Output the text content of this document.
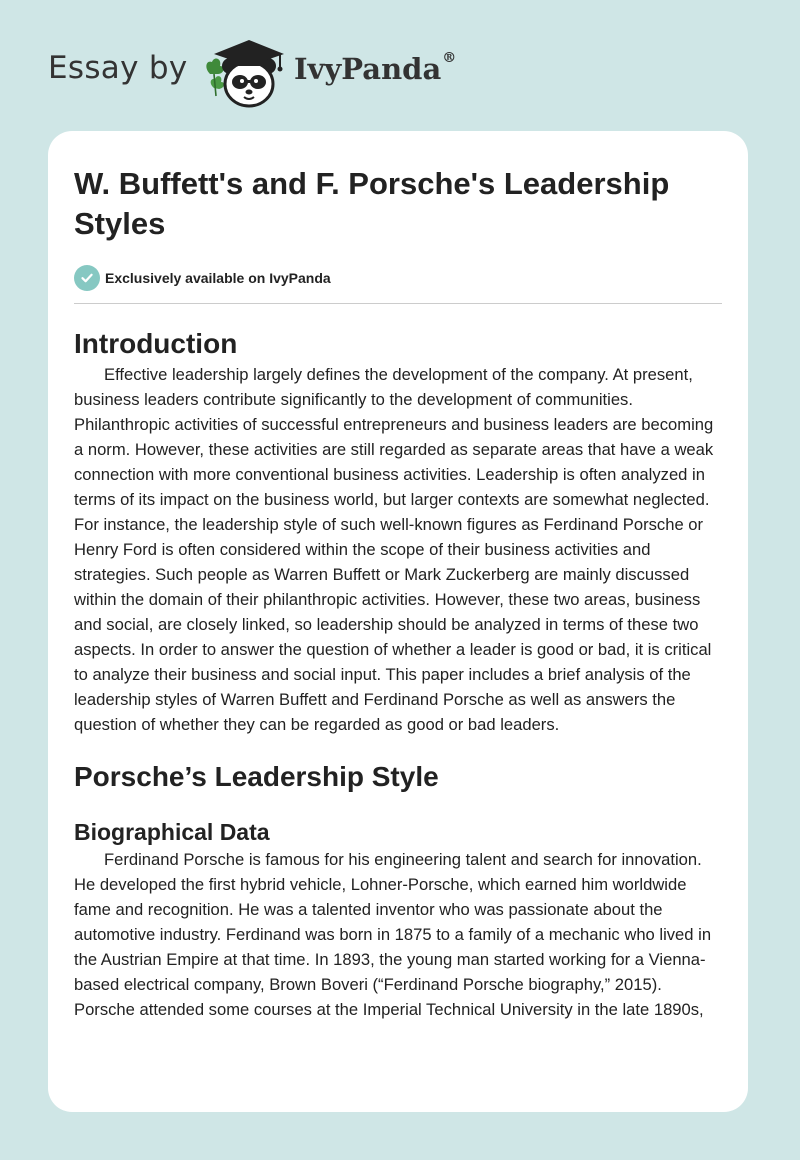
Essay by	IvyPanda®
W. Buffett's and F. Porsche's Leadership Styles
Exclusively available on IvyPanda
Introduction

Effective leadership largely defines the development of the company. At present, business leaders contribute significantly to the development of communities. Philanthropic activities of successful entrepreneurs and business leaders are becoming a norm. However, these activities are still regarded as separate areas that have a weak connection with more conventional business activities. Leadership is often analyzed in terms of its impact on the business world, but larger contexts are somewhat neglected. For instance, the leadership style of such well-known figures as Ferdinand Porsche or Henry Ford is often considered within the scope of their business activities and strategies. Such people as Warren Buffett or Mark Zuckerberg are mainly discussed within the domain of their philanthropic activities. However, these two areas, business and social, are closely linked, so leadership should be analyzed in terms of these two aspects. In order to answer the question of whether a leader is good or bad, it is critical to analyze their business and social input. This paper includes a brief analysis of the leadership styles of Warren Buffett and Ferdinand Porsche as well as answers the question of whether they can be regarded as good or bad leaders.

Porsche’s Leadership Style
Biographical Data

Ferdinand Porsche is famous for his engineering talent and search for innovation. He developed the first hybrid vehicle, Lohner-Porsche, which earned him worldwide fame and recognition. He was a talented inventor who was passionate about the automotive industry. Ferdinand was born in 1875 to a family of a mechanic who lived in the Austrian Empire at that time. In 1893, the young man started working for a Vienna-based electrical company, Brown Boveri (“Ferdinand Porsche biography,” 2015). Porsche attended some courses at the Imperial Technical University in the late 1890s,
